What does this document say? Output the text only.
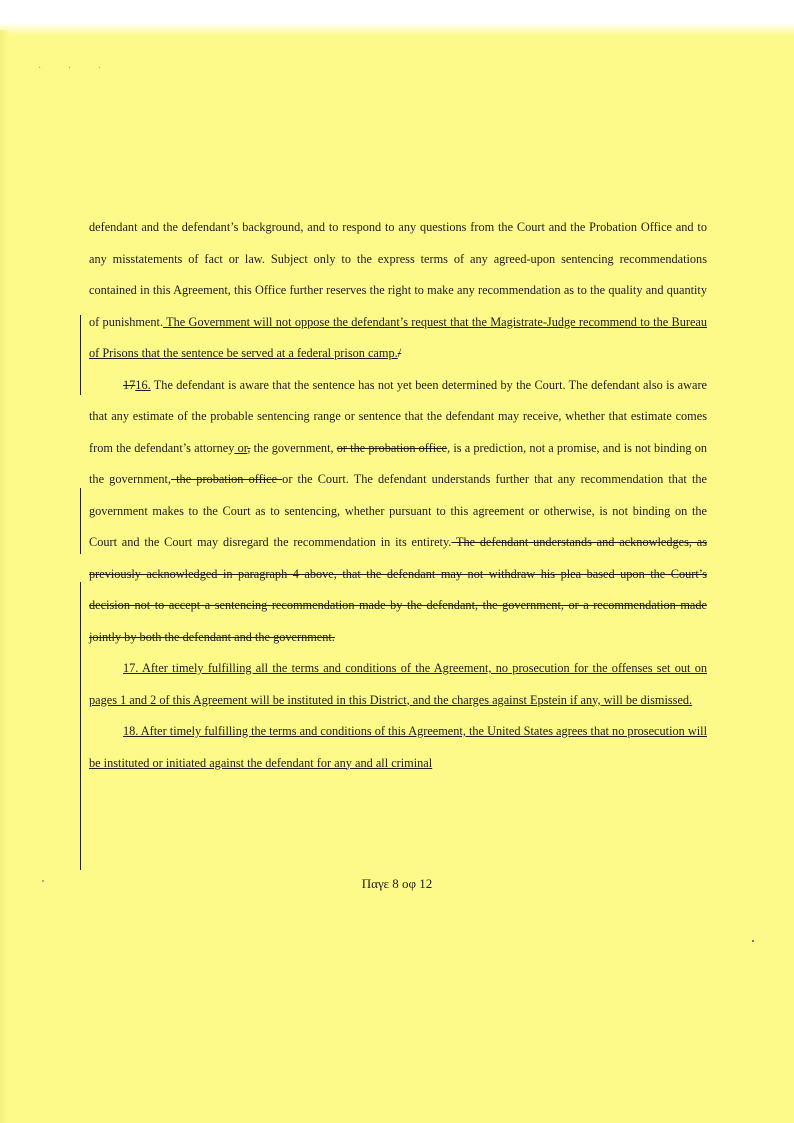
˙ ˙ ˙

defendant and the defendant’s background, and to respond to any questions from the Court and the Probation Office and to any misstatements of fact or law. Subject only to the express terms of any agreed-upon sentencing recommendations contained in this Agreement, this Office further reserves the right to make any recommendation as to the quality and quantity of punishment. The Government will not oppose the defendant’s request that the Magistrate-Judge recommend to the Bureau of Prisons that the sentence be served at a federal prison camp./

1716. The defendant is aware that the sentence has not yet been determined by the Court. The defendant also is aware that any estimate of the probable sentencing range or sentence that the defendant may receive, whether that estimate comes from the defendant’s attorney or, the government, or the probation office, is a prediction, not a promise, and is not binding on the government, the probation office or the Court. The defendant understands further that any recommendation that the government makes to the Court as to sentencing, whether pursuant to this agreement or otherwise, is not binding on the Court and the Court may disregard the recommendation in its entirety. The defendant understands and acknowledges, as previously acknowledged in paragraph 4 above, that the defendant may not withdraw his plea based upon the Court’s decision not to accept a sentencing recommendation made by the defendant, the government, or a recommendation made jointly by both the defendant and the government.

17. After timely fulfilling all the terms and conditions of the Agreement, no prosecution for the offenses set out on pages 1 and 2 of this Agreement will be instituted in this District, and the charges against Epstein if any, will be dismissed.

18. After timely fulfilling the terms and conditions of this Agreement, the United States agrees that no prosecution will be instituted or initiated against the defendant for any and all criminal

Παγε 8 οφ 12
